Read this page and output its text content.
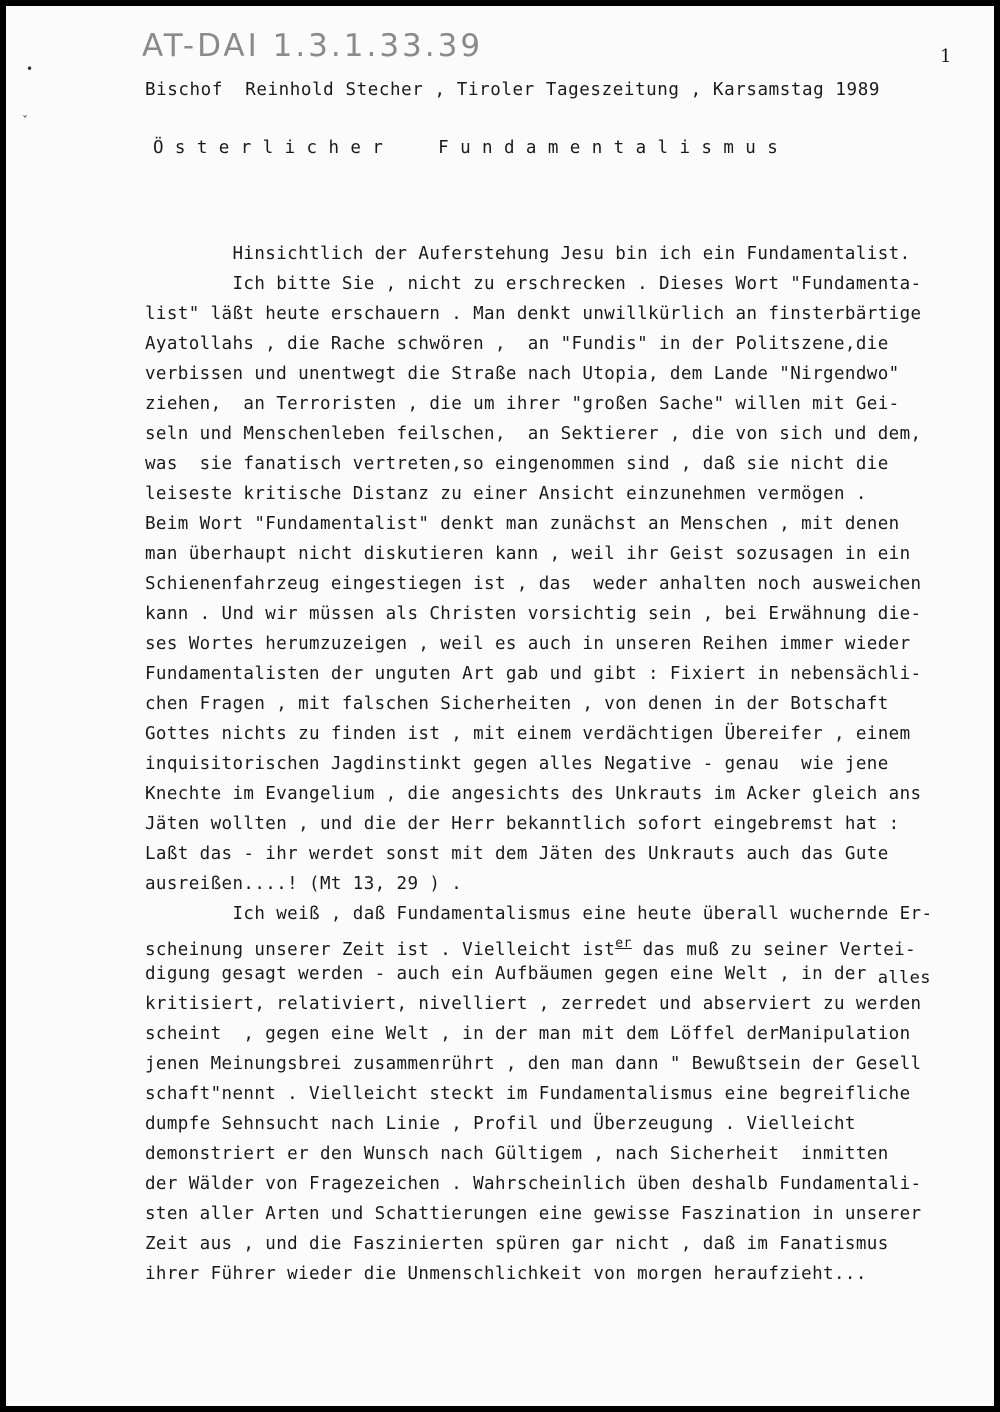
AT-DAI 1.3.1.33.39	1
•
ˇ
Bischof  Reinhold Stecher , Tiroler Tageszeitung , Karsamstag 1989
Österlicher  Fundamentalismus
Hinsichtlich der Auferstehung Jesu bin ich ein Fundamentalist.
Ich bitte Sie , nicht zu erschrecken . Dieses Wort "Fundamenta-
list" läßt heute erschauern . Man denkt unwillkürlich an finsterbärtige
Ayatollahs , die Rache schwören ,  an "Fundis" in der Politszene,die
verbissen und unentwegt die Straße nach Utopia, dem Lande "Nirgendwo"
ziehen,  an Terroristen , die um ihrer "großen Sache" willen mit Gei-
seln und Menschenleben feilschen,  an Sektierer , die von sich und dem,
was  sie fanatisch vertreten,so eingenommen sind , daß sie nicht die
leiseste kritische Distanz zu einer Ansicht einzunehmen vermögen .
Beim Wort "Fundamentalist" denkt man zunächst an Menschen , mit denen
man überhaupt nicht diskutieren kann , weil ihr Geist sozusagen in ein
Schienenfahrzeug eingestiegen ist , das  weder anhalten noch ausweichen
kann . Und wir müssen als Christen vorsichtig sein , bei Erwähnung die-
ses Wortes herumzuzeigen , weil es auch in unseren Reihen immer wieder
Fundamentalisten der unguten Art gab und gibt : Fixiert in nebensächli-
chen Fragen , mit falschen Sicherheiten , von denen in der Botschaft
Gottes nichts zu finden ist , mit einem verdächtigen Übereifer , einem
inquisitorischen Jagdinstinkt gegen alles Negative - genau  wie jene
Knechte im Evangelium , die angesichts des Unkrauts im Acker gleich ans
Jäten wollten , und die der Herr bekanntlich sofort eingebremst hat :
Laßt das - ihr werdet sonst mit dem Jäten des Unkrauts auch das Gute
ausreißen....! (Mt 13, 29 ) .
Ich weiß , daß Fundamentalismus eine heute überall wuchernde Er-
scheinung unserer Zeit ist . Vielleicht ist$^{er}$ das muß zu seiner Vertei-
digung gesagt werden - auch ein Aufbäumen gegen eine Welt , in der alles
kritisiert, relativiert, nivelliert , zerredet und abserviert zu werden
scheint  , gegen eine Welt , in der man mit dem Löffel derManipulation
jenen Meinungsbrei zusammenrührt , den man dann " Bewußtsein der Gesell
schaft"nennt . Vielleicht steckt im Fundamentalismus eine begreifliche
dumpfe Sehnsucht nach Linie , Profil und Überzeugung . Vielleicht
demonstriert er den Wunsch nach Gültigem , nach Sicherheit  inmitten
der Wälder von Fragezeichen . Wahrscheinlich üben deshalb Fundamentali-
sten aller Arten und Schattierungen eine gewisse Faszination in unserer
Zeit aus , und die Faszinierten spüren gar nicht , daß im Fanatismus
ihrer Führer wieder die Unmenschlichkeit von morgen heraufzieht...
